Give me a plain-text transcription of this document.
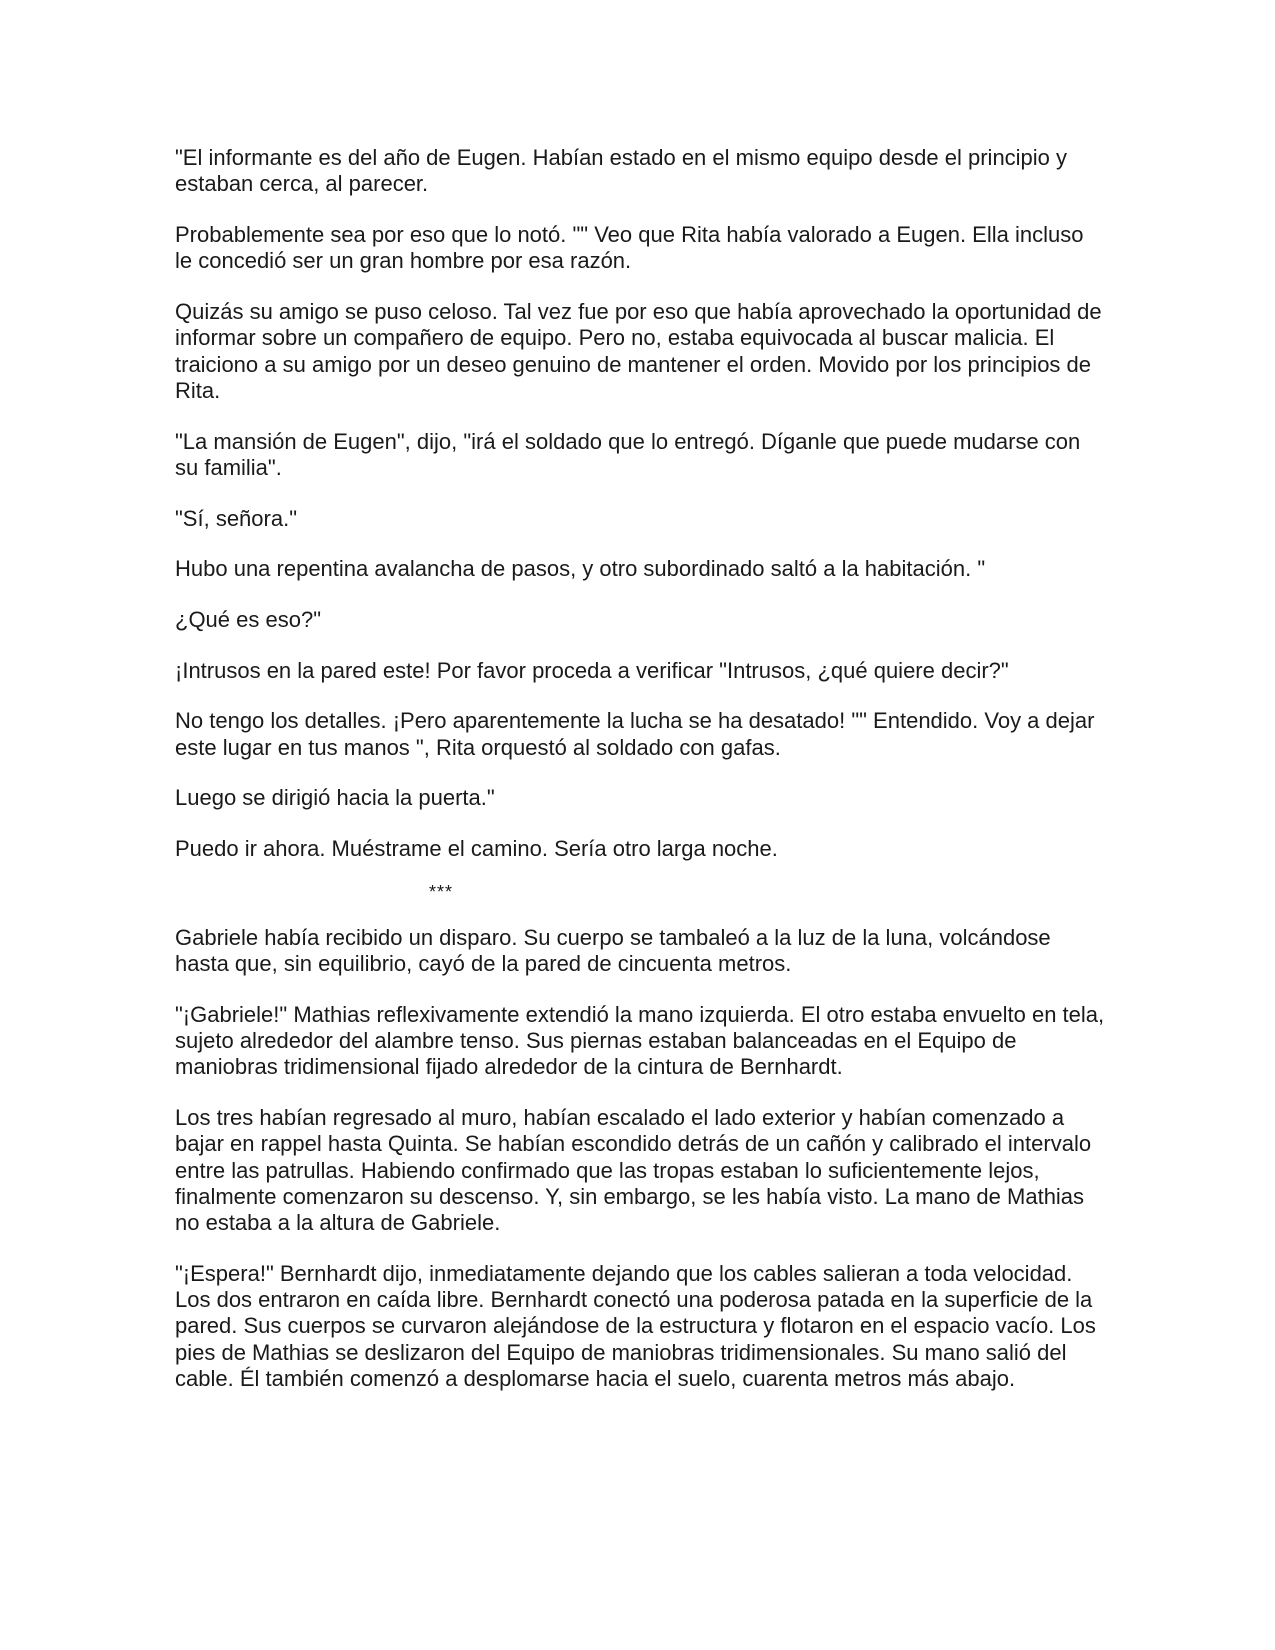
"El informante es del año de Eugen. Habían estado en el mismo equipo desde el principio y estaban cerca, al parecer.

Probablemente sea por eso que lo notó. "" Veo que Rita había valorado a Eugen. Ella incluso le concedió ser un gran hombre por esa razón.

Quizás su amigo se puso celoso. Tal vez fue por eso que había aprovechado la oportunidad de informar sobre un compañero de equipo. Pero no, estaba equivocada al buscar malicia. El traiciono a su amigo por un deseo genuino de mantener el orden. Movido por los principios de Rita.

"La mansión de Eugen", dijo, "irá el soldado que lo entregó. Díganle que puede mudarse con su familia".

"Sí, señora."

Hubo una repentina avalancha de pasos, y otro subordinado saltó a la habitación. "

¿Qué es eso?"

¡Intrusos en la pared este! Por favor proceda a verificar "Intrusos, ¿qué quiere decir?"

No tengo los detalles. ¡Pero aparentemente la lucha se ha desatado! "" Entendido. Voy a dejar este lugar en tus manos ", Rita orquestó al soldado con gafas.

Luego se dirigió hacia la puerta."

Puedo ir ahora. Muéstrame el camino. Sería otro larga noche.

***

Gabriele había recibido un disparo. Su cuerpo se tambaleó a la luz de la luna, volcándose hasta que, sin equilibrio, cayó de la pared de cincuenta metros.

"¡Gabriele!" Mathias reflexivamente extendió la mano izquierda. El otro estaba envuelto en tela, sujeto alrededor del alambre tenso. Sus piernas estaban balanceadas en el Equipo de maniobras tridimensional fijado alrededor de la cintura de Bernhardt.

Los tres habían regresado al muro, habían escalado el lado exterior y habían comenzado a bajar en rappel hasta Quinta. Se habían escondido detrás de un cañón y calibrado el intervalo entre las patrullas. Habiendo confirmado que las tropas estaban lo suficientemente lejos, finalmente comenzaron su descenso. Y, sin embargo, se les había visto. La mano de Mathias no estaba a la altura de Gabriele.

"¡Espera!" Bernhardt dijo, inmediatamente dejando que los cables salieran a toda velocidad. Los dos entraron en caída libre. Bernhardt conectó una poderosa patada en la superficie de la pared. Sus cuerpos se curvaron alejándose de la estructura y flotaron en el espacio vacío. Los pies de Mathias se deslizaron del Equipo de maniobras tridimensionales. Su mano salió del cable. Él también comenzó a desplomarse hacia el suelo, cuarenta metros más abajo.
